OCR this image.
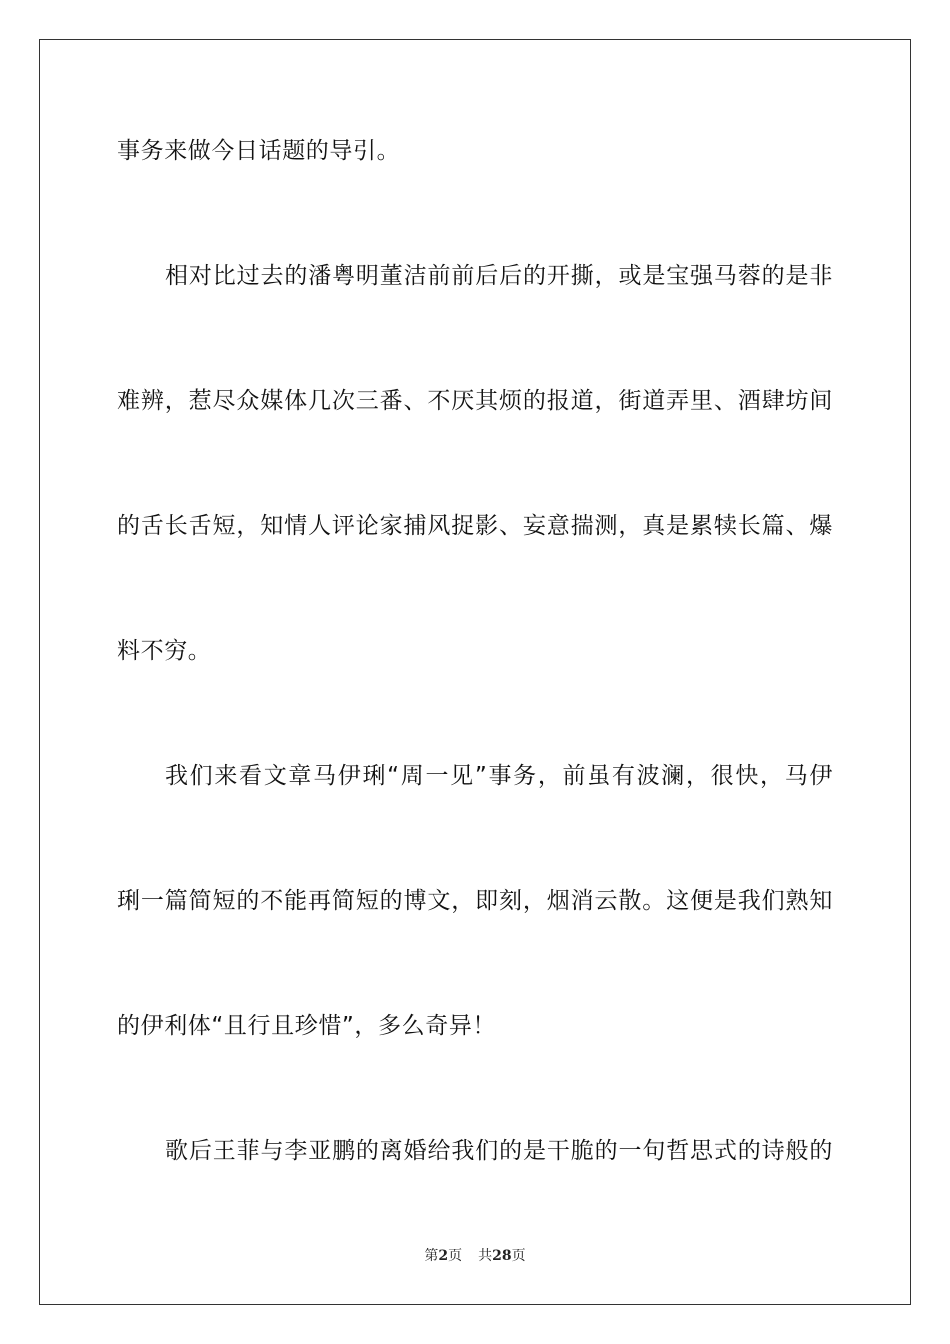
事务来做今日话题的导引。
相对比过去的潘粤明董洁前前后后的开撕，或是宝强马蓉的是非
难辨，惹尽众媒体几次三番、不厌其烦的报道，街道弄里、酒肆坊间
的舌长舌短，知情人评论家捕风捉影、妄意揣测，真是累犊长篇、爆
料不穷。
我们来看文章马伊琍“周一见”事务，前虽有波澜，很快，马伊
琍一篇简短的不能再简短的博文，即刻，烟消云散。这便是我们熟知
的伊利体“且行且珍惜”，多么奇异！
歌后王菲与李亚鹏的离婚给我们的是干脆的一句哲思式的诗般的
第2页 共28页
